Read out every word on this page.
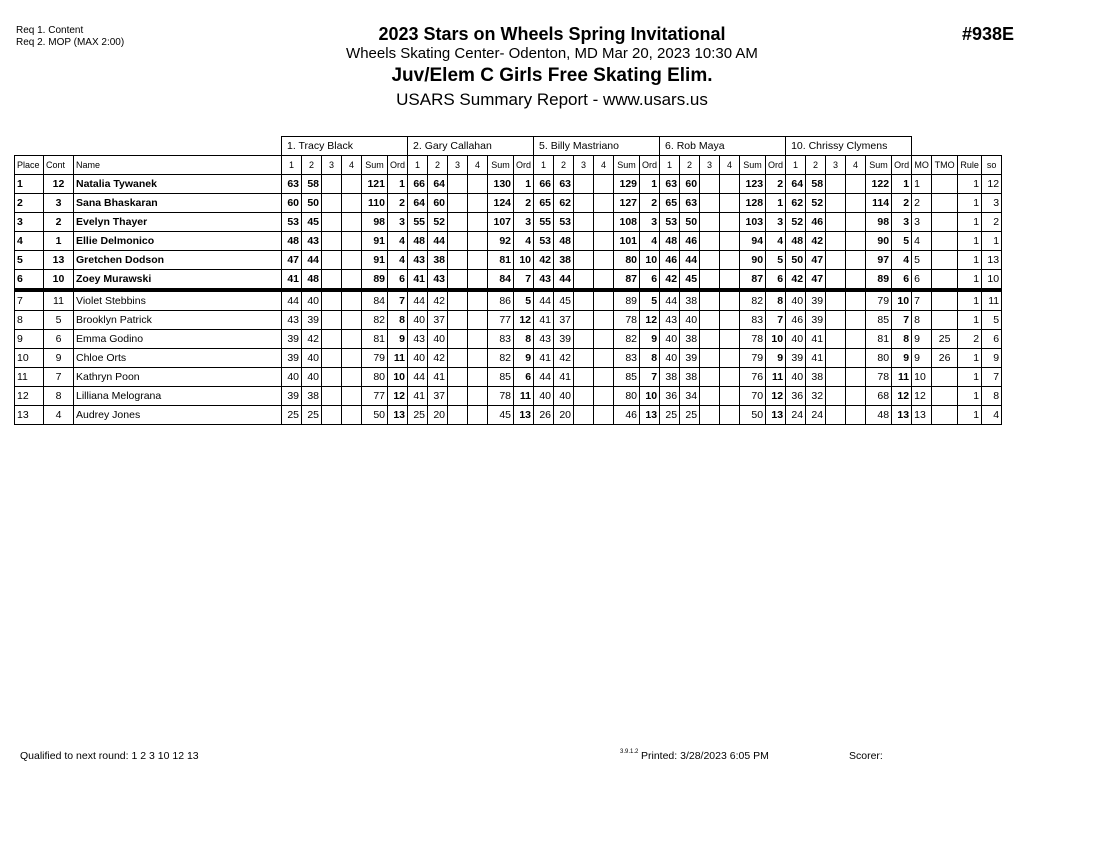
Req 1. Content
Req 2. MOP (MAX 2:00)	2023 Stars on Wheels Spring Invitational
Wheels Skating Center- Odenton, MD Mar 20, 2023 10:30 AM
Juv/Elem C Girls Free Skating Elim.
USARS Summary Report - www.usars.us
#938E
			1. Tracy Black						2. Gary Callahan						5. Billy Mastriano						6. Rob Maya						10. Chrissy Clymens									
Place	Cont	Name	1	2	3	4	Sum	Ord	1	2	3	4	Sum	Ord	1	2	3	4	Sum	Ord	1	2	3	4	Sum	Ord	1	2	3	4	Sum	Ord	MO	TMO	Rule	so
1	12	Natalia Tywanek	63	58			121	1	66	64			130	1	66	63			129	1	63	60			123	2	64	58			122	1	1		1	12
2	3	Sana Bhaskaran	60	50			110	2	64	60			124	2	65	62			127	2	65	63			128	1	62	52			114	2	2		1	3
3	2	Evelyn Thayer	53	45			98	3	55	52			107	3	55	53			108	3	53	50			103	3	52	46			98	3	3		1	2
4	1	Ellie Delmonico	48	43			91	4	48	44			92	4	53	48			101	4	48	46			94	4	48	42			90	5	4		1	1
5	13	Gretchen Dodson	47	44			91	4	43	38			81	10	42	38			80	10	46	44			90	5	50	47			97	4	5		1	13
6	10	Zoey Murawski	41	48			89	6	41	43			84	7	43	44			87	6	42	45			87	6	42	47			89	6	6		1	10
7	11	Violet Stebbins	44	40			84	7	44	42			86	5	44	45			89	5	44	38			82	8	40	39			79	10	7		1	11
8	5	Brooklyn Patrick	43	39			82	8	40	37			77	12	41	37			78	12	43	40			83	7	46	39			85	7	8		1	5
9	6	Emma Godino	39	42			81	9	43	40			83	8	43	39			82	9	40	38			78	10	40	41			81	8	9	25	2	6
10	9	Chloe Orts	39	40			79	11	40	42			82	9	41	42			83	8	40	39			79	9	39	41			80	9	9	26	1	9
11	7	Kathryn Poon	40	40			80	10	44	41			85	6	44	41			85	7	38	38			76	11	40	38			78	11	10		1	7
12	8	Lilliana Melograna	39	38			77	12	41	37			78	11	40	40			80	10	36	34			70	12	36	32			68	12	12		1	8
13	4	Audrey Jones	25	25			50	13	25	20			45	13	26	20			46	13	25	25			50	13	24	24			48	13	13		1	4
Qualified to next round: 1 2 3 10 12 13	3.9.1.2 Printed: 3/28/2023 6:05 PM	Scorer:
